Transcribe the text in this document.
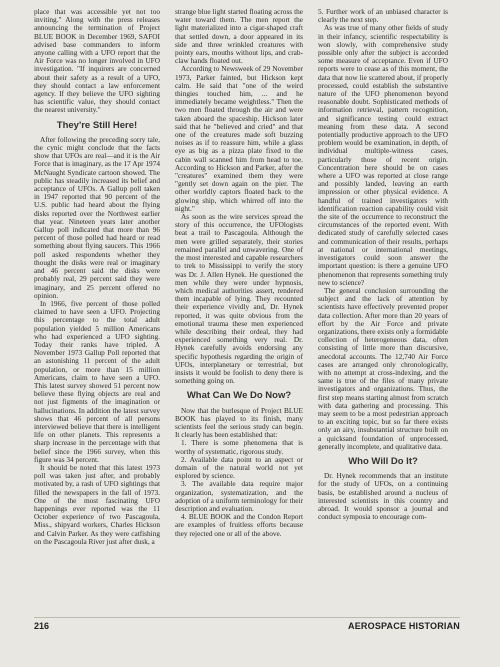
place that was accessible yet not too inviting." Along with the press releases announcing the termination of Project BLUE BOOK in December 1969, SAFOI advised base commanders to inform anyone calling with a UFO report that the Air Force was no longer involved in UFO investigation. "If inquirers are concerned about their safety as a result of a UFO, they should contact a law enforcement agency. If they believe the UFO sighting has scientific value, they should contact the nearest university."

They're Still Here!

After following the preceding sorry tale, the cynic might conclude that the facts show that UFOs are real—and it is the Air Force that is imaginary, as the 17 Apr 1974 McNaught Syndicate cartoon showed. The public has steadily increased its belief and acceptance of UFOs. A Gallup poll taken in 1947 reported that 90 percent of the U.S. public had heard about the flying disks reported over the Northwest earlier that year. Nineteen years later another Gallup poll indicated that more than 96 percent of those polled had heard or read something about flying saucers. This 1966 poll asked respondents whether they thought the disks were real or imaginary and 46 percent said the disks were probably real, 29 percent said they were imaginary, and 25 percent offered no opinion.

In 1966, five percent of those polled claimed to have seen a UFO. Projecting this percentage to the total adult population yielded 5 million Americans who had experienced a UFO sighting. Today their ranks have tripled. A November 1973 Gallup Poll reported that an astonishing 11 percent of the adult population, or more than 15 million Americans, claim to have seen a UFO. This latest survey showed 51 percent now believe these flying objects are real and not just figments of the imagination or hallucinations. In addition the latest survey shows that 46 percent of all persons interviewed believe that there is intelligent life on other planets. This represents a sharp increase in the percentage with that belief since the 1966 survey, when this figure was 34 percent.

It should be noted that this latest 1973 poll was taken just after, and probably motivated by, a rash of UFO sightings that filled the newspapers in the fall of 1973. One of the most fascinating UFO happenings ever reported was the 11 October experience of two Pascagoula, Miss., shipyard workers, Charles Hickson and Calvin Parker. As they were catfishing on the Pascagoula River just after dusk, a

strange blue light started floating across the water toward them. The men report the light materialized into a cigar-shaped craft that settled down, a door appeared in its side and three wrinkled creatures with pointy ears, mouths without lips, and crab-claw hands floated out.

According to Newsweek of 29 November 1973, Parker fainted, but Hickson kept calm. He said that "one of the weird thingies touched him, ... and he immediately became weightless." Then the two men floated through the air and were taken aboard the spaceship. Hickson later said that he "believed and cried" and that one of the creatures made soft buzzing noises as if to reassure him, while a glass eye as big as a pizza plate fixed to the cabin wall scanned him from head to toe. According to Hickson and Parker, after the "creatures" examined them they were "gently set down again on the pier. The other worldly captors floated back to the glowing ship, which whirred off into the night."

As soon as the wire services spread the story of this occurrence, the UFOlogists beat a trail to Pascagoula. Although the men were grilled separately, their stories remained parallel and unwavering. One of the most interested and capable researchers to trek to Mississippi to verify the story was Dr. J. Allen Hynek. He questioned the men while they were under hypnosis, which medical authorities assert, rendered them incapable of lying. They recounted their experience vividly and, Dr. Hynek reported, it was quite obvious from the emotional trauma these men experienced while describing their ordeal, they had experienced something very real. Dr. Hynek carefully avoids endorsing any specific hypothesis regarding the origin of UFOs, interplanetary or terrestrial, but insists it would be foolish to deny there is something going on.

What Can We Do Now?

Now that the burlesque of Project BLUE BOOK has played to its finish, many scientists feel the serious study can begin. It clearly has been established that:

1. There is some phenomena that is worthy of systematic, rigorous study.

2. Available data point to an aspect or domain of the natural world not yet explored by science.

3. The available data require major organization, systematization, and the adoption of a uniform terminology for their description and evaluation.

4. BLUE BOOK and the Condon Report are examples of fruitless efforts because they rejected one or all of the above.

5. Further work of an unbiased character is clearly the next step.

As was true of many other fields of study in their infancy, scientific respectability is won slowly, with comprehensive study possible only after the subject is accorded some measure of acceptance. Even if UFO reports were to cease as of this moment, the data that now lie scattered about, if properly processed, could establish the substantive nature of the UFO phenomenon beyond reasonable doubt. Sophisticated methods of information retrieval, pattern recognition, and significance testing could extract meaning from these data. A second potentially productive approach to the UFO problem would be examination, in depth, of individual multiple-witness cases, particularly those of recent origin. Concentration here should be on cases where a UFO was reported at close range and possibly landed, leaving an earth impression or other physical evidence. A handful of trained investigators with identification reaction capability could visit the site of the occurrence to reconstruct the circumstances of the reported event. With dedicated study of carefully selected cases and communication of their results, perhaps at national or international meetings, investigators could soon answer the important question: is there a genuine UFO phenomenon that represents something truly new to science?

The general conclusion surrounding the subject and the lack of attention by scientists have effectively prevented proper data collection. After more than 20 years of effort by the Air Force and private organizations, there exists only a formidable collection of heterogeneous data, often consisting of little more than discursive, anecdotal accounts. The 12,740 Air Force cases are arranged only chronologically, with no attempt at cross-indexing, and the same is true of the files of many private investigators and organizations. Thus, the first step means starting almost from scratch with data gathering and processing. This may seem to be a most pedestrian approach to an exciting topic, but so far there exists only an airy, insubstantial structure built on a quicksand foundation of unprocessed, generally incomplete, and qualitative data.

Who Will Do It?

Dr. Hynek recommends that an institute for the study of UFOs, on a continuing basis, be established around a nucleus of interested scientists in this country and abroad. It would sponsor a journal and conduct symposia to encourage com-

216	AEROSPACE HISTORIAN
